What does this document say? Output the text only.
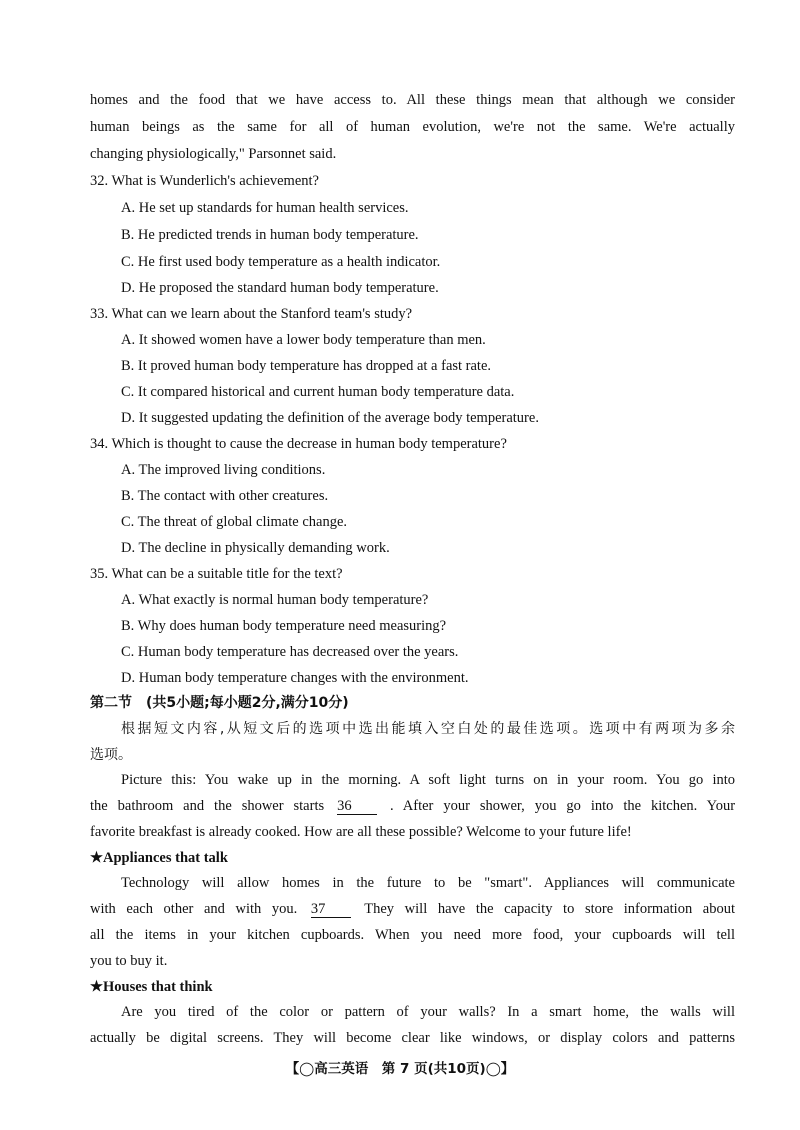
homes and the food that we have access to. All these things mean that although we consider
human beings as the same for all of human evolution, we're not the same. We're actually
changing physiologically," Parsonnet said.
32. What is Wunderlich's achievement?
A. He set up standards for human health services.
B. He predicted trends in human body temperature.
C. He first used body temperature as a health indicator.
D. He proposed the standard human body temperature.
33. What can we learn about the Stanford team's study?
A. It showed women have a lower body temperature than men.
B. It proved human body temperature has dropped at a fast rate.
C. It compared historical and current human body temperature data.
D. It suggested updating the definition of the average body temperature.
34. Which is thought to cause the decrease in human body temperature?
A. The improved living conditions.
B. The contact with other creatures.
C. The threat of global climate change.
D. The decline in physically demanding work.
35. What can be a suitable title for the text?
A. What exactly is normal human body temperature?
B. Why does human body temperature need measuring?
C. Human body temperature has decreased over the years.
D. Human body temperature changes with the environment.
第二节　(共5小题;每小题2分,满分10分)
根据短文内容,从短文后的选项中选出能填入空白处的最佳选项。选项中有两项为多余
选项。
Picture this: You wake up in the morning. A soft light turns on in your room. You go into
the bathroom and the shower starts 36	. After your shower, you go into the kitchen. Your
favorite breakfast is already cooked. How are all these possible? Welcome to your future life!
★Appliances that talk
Technology will allow homes in the future to be "smart". Appliances will communicate
with each other and with you. 37	They will have the capacity to store information about
all the items in your kitchen cupboards. When you need more food, your cupboards will tell
you to buy it.
★Houses that think
Are you tired of the color or pattern of your walls? In a smart home, the walls will
actually be digital screens. They will become clear like windows, or display colors and patterns
【◯高三英语　第 7 页(共10页)◯】
